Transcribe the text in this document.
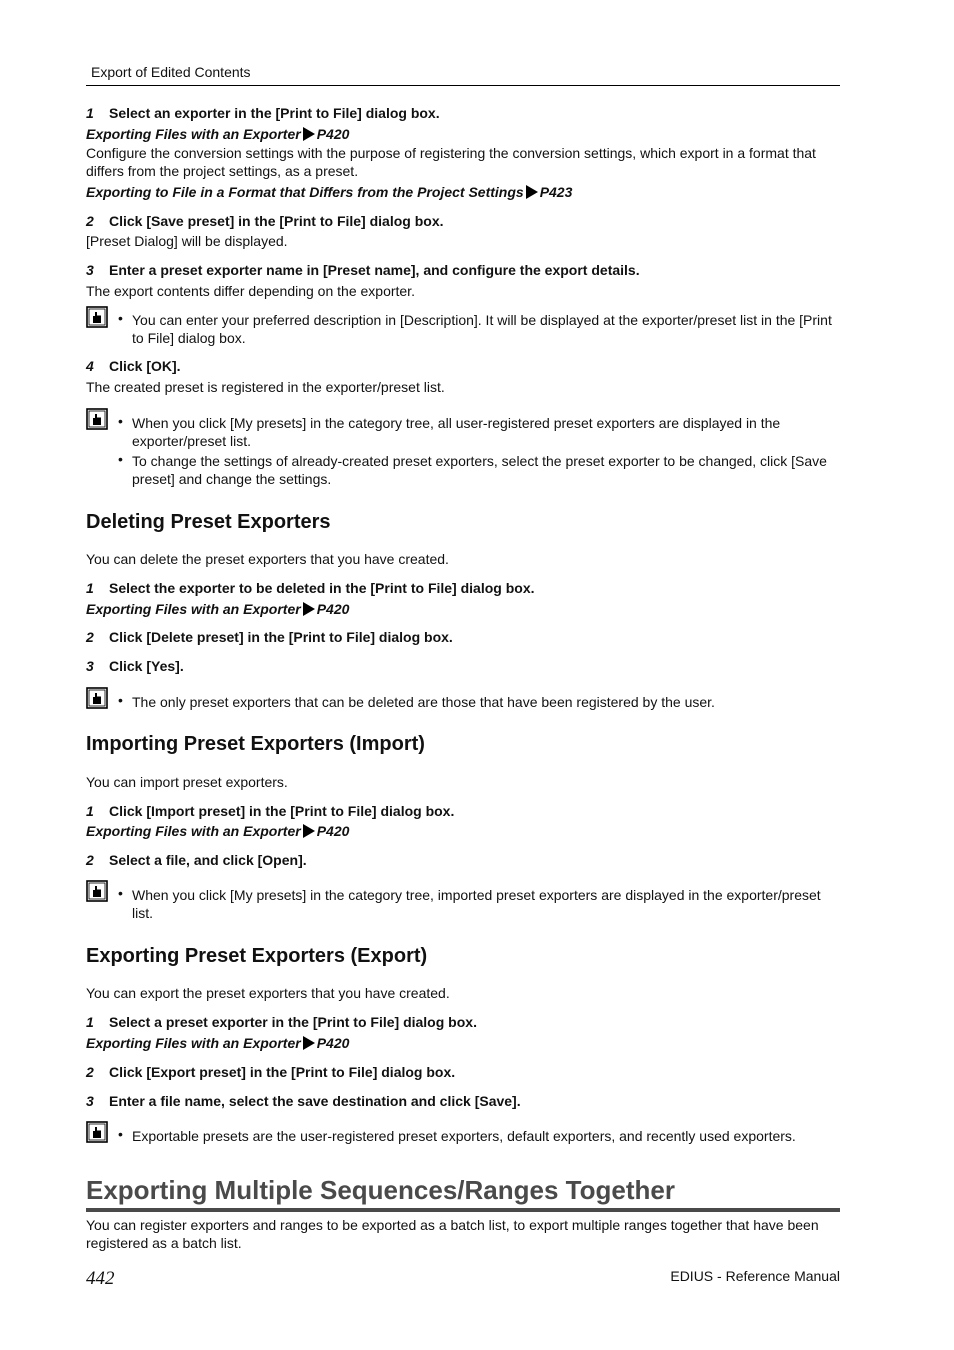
Export of Edited Contents
1 Select an exporter in the [Print to File] dialog box.
Exporting Files with an Exporter P420
Configure the conversion settings with the purpose of registering the conversion settings, which export in a format that differs from the project settings, as a preset.
Exporting to File in a Format that Differs from the Project Settings P423
2 Click [Save preset] in the [Print to File] dialog box.
[Preset Dialog] will be displayed.
3 Enter a preset exporter name in [Preset name], and configure the export details.
The export contents differ depending on the exporter.
• You can enter your preferred description in [Description]. It will be displayed at the exporter/preset list in the [Print to File] dialog box.
4 Click [OK].
The created preset is registered in the exporter/preset list.
• When you click [My presets] in the category tree, all user-registered preset exporters are displayed in the exporter/preset list.
• To change the settings of already-created preset exporters, select the preset exporter to be changed, click [Save preset] and change the settings.
Deleting Preset Exporters
You can delete the preset exporters that you have created.
1 Select the exporter to be deleted in the [Print to File] dialog box.
Exporting Files with an Exporter P420
2 Click [Delete preset] in the [Print to File] dialog box.
3 Click [Yes].
• The only preset exporters that can be deleted are those that have been registered by the user.
Importing Preset Exporters (Import)
You can import preset exporters.
1 Click [Import preset] in the [Print to File] dialog box.
Exporting Files with an Exporter P420
2 Select a file, and click [Open].
• When you click [My presets] in the category tree, imported preset exporters are displayed in the exporter/preset list.
Exporting Preset Exporters (Export)
You can export the preset exporters that you have created.
1 Select a preset exporter in the [Print to File] dialog box.
Exporting Files with an Exporter P420
2 Click [Export preset] in the [Print to File] dialog box.
3 Enter a file name, select the save destination and click [Save].
• Exportable presets are the user-registered preset exporters, default exporters, and recently used exporters.
Exporting Multiple Sequences/Ranges Together
You can register exporters and ranges to be exported as a batch list, to export multiple ranges together that have been registered as a batch list.
442	EDIUS - Reference Manual
